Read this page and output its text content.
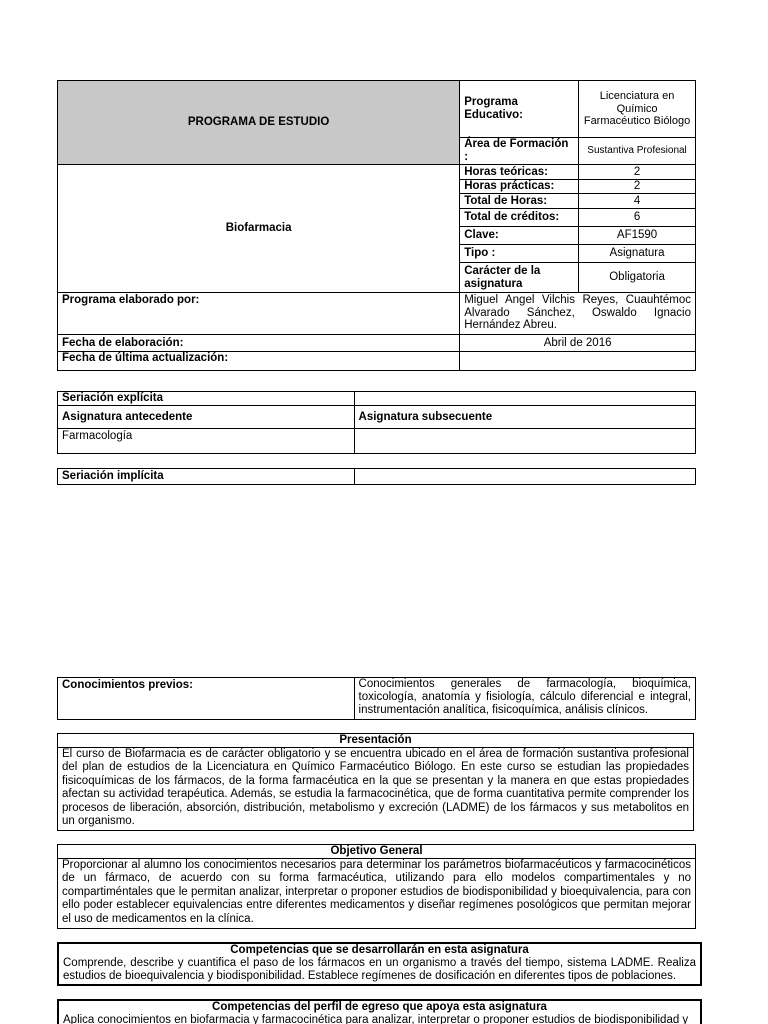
PROGRAMA DE ESTUDIO	Programa Educativo:	Licenciatura en Químico Farmacéutico Biólogo
	Área de Formación :	Sustantiva Profesional
Biofarmacia	Horas teóricas:	2
	Horas prácticas:	2
	Total de Horas:	4
	Total de créditos:	6
	Clave:	AF1590
	Tipo :	Asignatura
	Carácter de la asignatura	Obligatoria
Programa elaborado por:	Miguel Angel Vilchis Reyes, Cuauhtémoc Alvarado Sánchez, Oswaldo Ignacio Hernández Abreu.	
Fecha de elaboración:	Abril de 2016	
Fecha de última actualización:		
Seriación explícita	
Asignatura antecedente	Asignatura subsecuente
Farmacología	
Seriación implícita	
Conocimientos previos:	Conocimientos generales de farmacología, bioquímica, toxicología, anatomía y fisiología, cálculo diferencial e integral, instrumentación analítica, fisicoquímica, análisis clínicos.
Presentación
El curso de Biofarmacia es de carácter obligatorio y se encuentra ubicado en el área de formación sustantiva profesional del plan de estudios de la Licenciatura en Químico Farmacéutico Biólogo. En este curso se estudian las propiedades fisicoquímicas de los fármacos, de la forma farmacéutica en la que se presentan y la manera en que estas propiedades afectan su actividad terapéutica. Además, se estudia la farmacocinética, que de forma cuantitativa permite comprender los procesos de liberación, absorción, distribución, metabolismo y excreción (LADME) de los fármacos y sus metabolitos en un organismo.
Objetivo General
Proporcionar al alumno los conocimientos necesarios para determinar los parámetros biofarmacéuticos y farmacocinéticos de un fármaco, de acuerdo con su forma farmacéutica, utilizando para ello modelos compartimentales y no compartiméntales que le permitan analizar, interpretar o proponer estudios de biodisponibilidad y bioequivalencia, para con ello poder establecer equivalencias entre diferentes medicamentos y diseñar regímenes posológicos que permitan mejorar el uso de medicamentos en la clínica.
Competencias que se desarrollarán en esta asignatura
Comprende, describe y cuantifica el paso de los fármacos en un organismo a través del tiempo, sistema LADME. Realiza estudios de bioequivalencia y biodisponibilidad. Establece regímenes de dosificación en diferentes tipos de poblaciones.
Competencias del perfil de egreso que apoya esta asignatura
Aplica conocimientos en biofarmacia y farmacocinética para analizar, interpretar o proponer estudios de biodisponibilidad y
